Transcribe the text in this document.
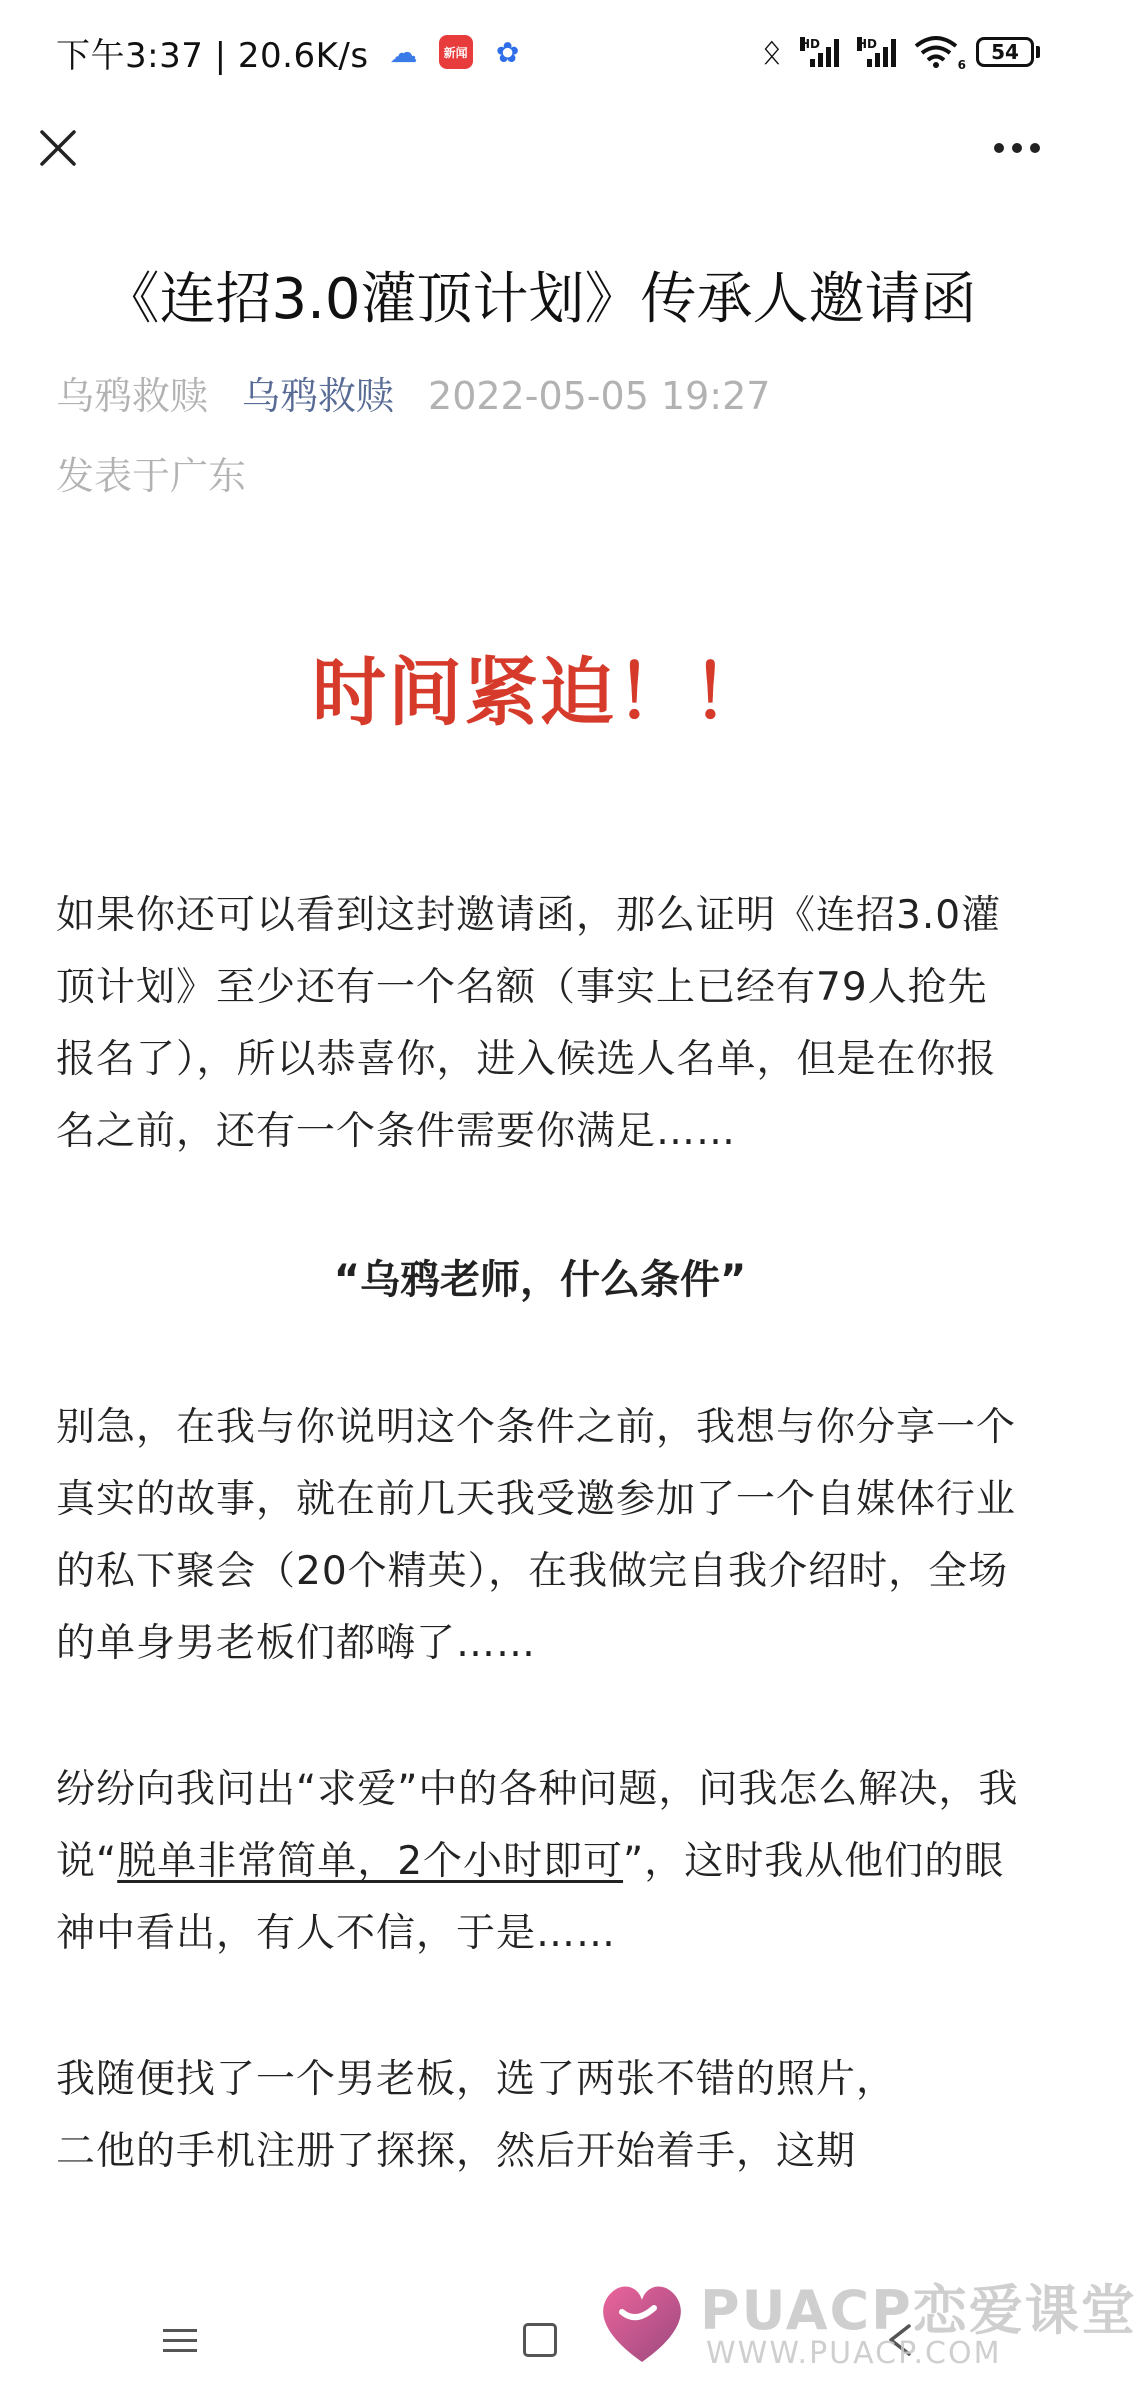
下午3:37 | 20.6K/s ☁	新闻 ✿	ᛟ HD	HD
6
54
《连招3.0灌顶计划》传承人邀请函
乌鸦救赎 乌鸦救赎 2022-05-05 19:27
发表于广东
时间紧迫！！

如果你还可以看到这封邀请函，那么证明《连招3.0灌顶计划》至少还有一个名额（事实上已经有79人抢先报名了），所以恭喜你，进入候选人名单，但是在你报名之前，还有一个条件需要你满足……

“乌鸦老师，什么条件”

别急，在我与你说明这个条件之前，我想与你分享一个真实的故事，就在前几天我受邀参加了一个自媒体行业的私下聚会（20个精英），在我做完自我介绍时，全场的单身男老板们都嗨了……

纷纷向我问出“求爱”中的各种问题，问我怎么解决，我说“脱单非常简单，2个小时即可”，这时我从他们的眼神中看出，有人不信，于是……

我随便找了一个男老板，选了两张不错的照片，

二他的手机注册了探探，然后开始着手，这期
PUACP恋爱课堂
WWW.PUACP.COM
